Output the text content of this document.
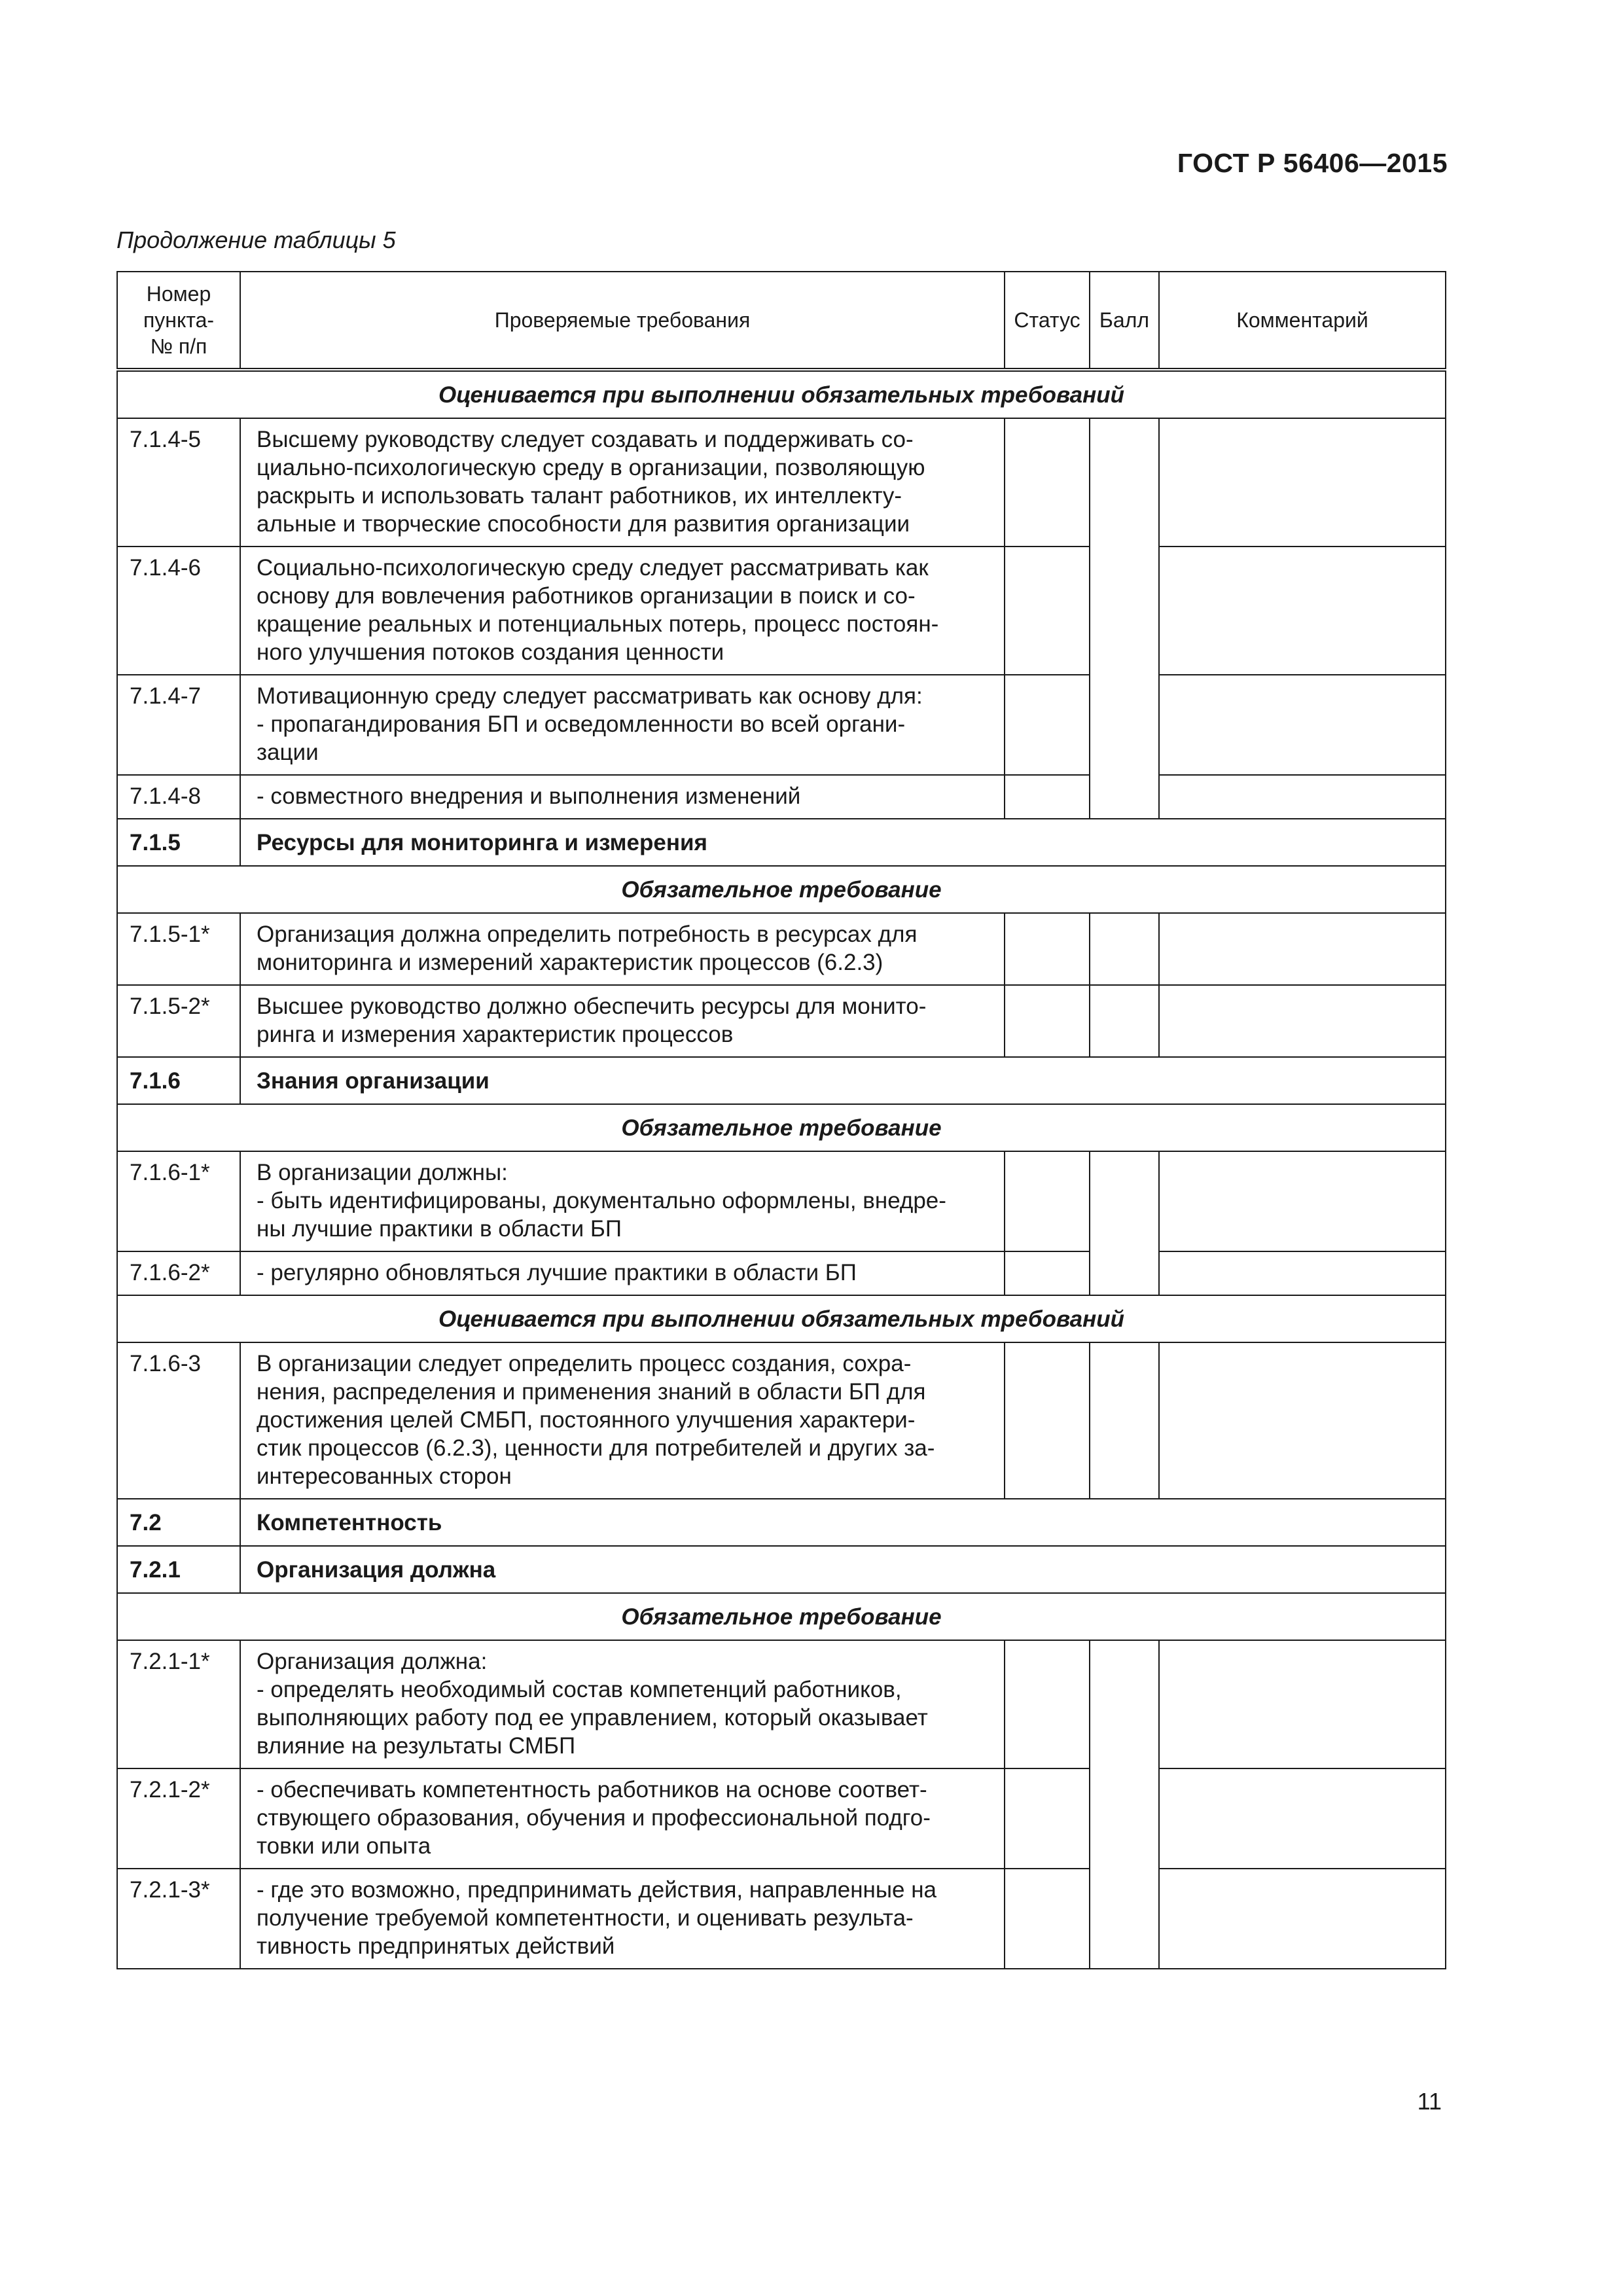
ГОСТ Р 56406—2015
Продолжение таблицы 5
Номер
пункта-
№ п/п	Проверяемые требования	Статус	Балл	Комментарий
Оценивается при выполнении обязательных требований				
7.1.4-5	Высшему руководству следует создавать и поддерживать со-
циально-психологическую среду в организации, позволяющую
раскрыть и использовать талант работников, их интеллекту-
альные и творческие способности для развития организации			

7.1.4-6	Социально-психологическую среду следует рассматривать как
основу для вовлечения работников организации в поиск и со-
кращение реальных и потенциальных потерь, процесс постоян-
ного улучшения потоков создания ценности			

7.1.4-7	Мотивационную среду следует рассматривать как основу для:
- пропагандирования БП и осведомленности во всей органи-
зации			

7.1.4-8	- совместного внедрения и выполнения изменений			

7.1.5	Ресурсы для мониторинга и измерения			
Обязательное требование				
7.1.5-1*	Организация должна определить потребность в ресурсах для
мониторинга и измерений характеристик процессов (6.2.3)			

7.1.5-2*	Высшее руководство должно обеспечить ресурсы для монито-
ринга и измерения характеристик процессов			

7.1.6	Знания организации			
Обязательное требование				
7.1.6-1*	В организации должны:
- быть идентифицированы, документально оформлены, внедре-
ны лучшие практики в области БП			

7.1.6-2*	- регулярно обновляться лучшие практики в области БП			

Оценивается при выполнении обязательных требований				
7.1.6-3	В организации следует определить процесс создания, сохра-
нения, распределения и применения знаний в области БП для
достижения целей СМБП, постоянного улучшения характери-
стик процессов (6.2.3), ценности для потребителей и других за-
интересованных сторон			

7.2	Компетентность			
7.2.1	Организация должна			
Обязательное требование				
7.2.1-1*	Организация должна:
- определять необходимый состав компетенций работников,
выполняющих работу под ее управлением, который оказывает
влияние на результаты СМБП			

7.2.1-2*	- обеспечивать компетентность работников на основе соответ-
ствующего образования, обучения и профессиональной подго-
товки или опыта			

7.2.1-3*	- где это возможно, предпринимать действия, направленные на
получение требуемой компетентности, и оценивать результа-
тивность предпринятых действий			

11
